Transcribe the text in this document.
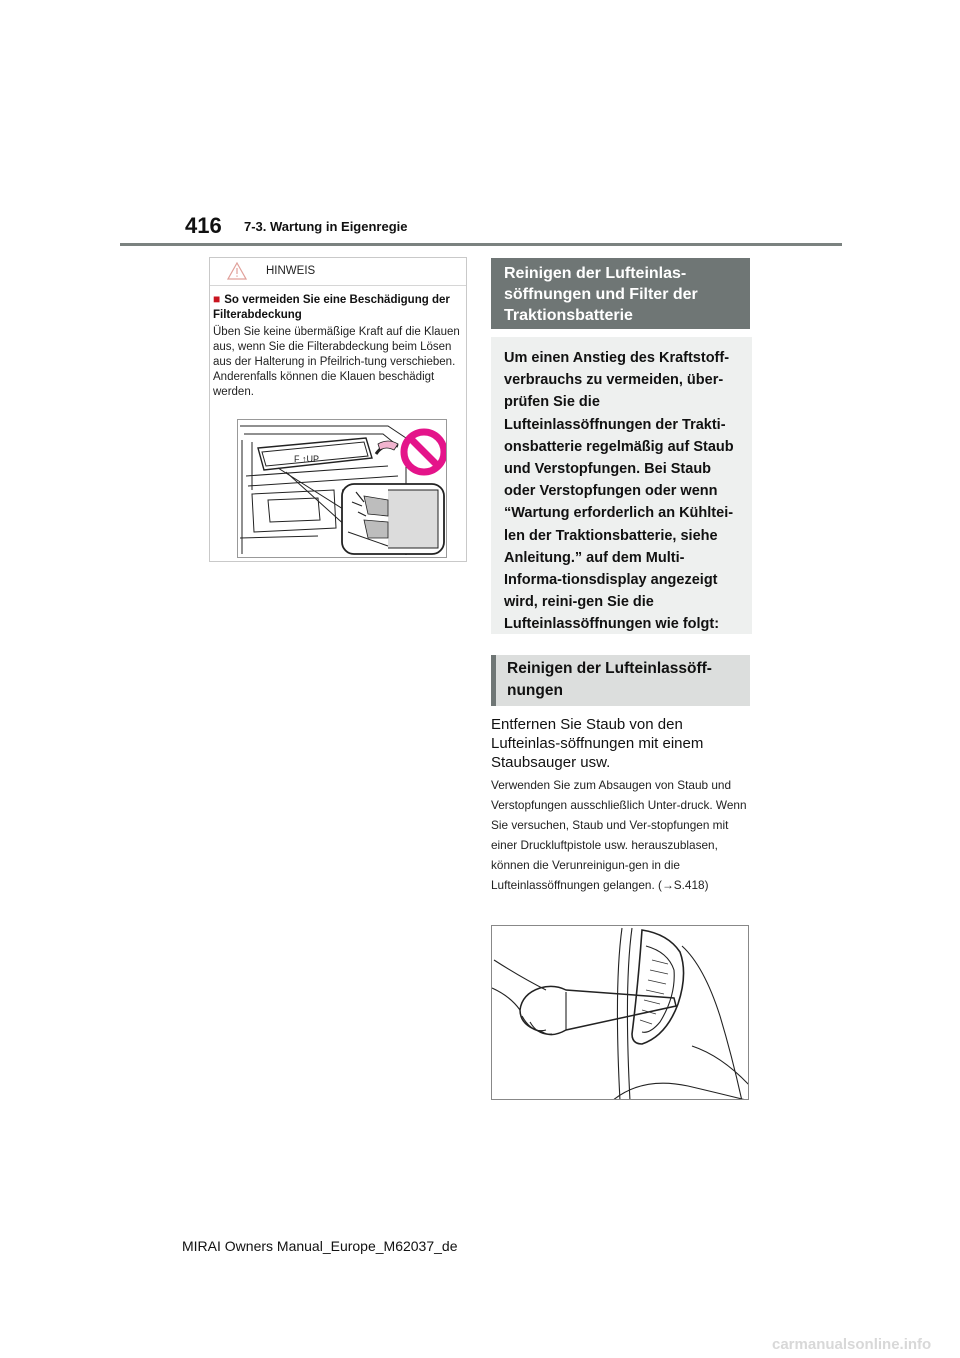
416 7-3. Wartung in Eigenregie
HINWEIS
■ So vermeiden Sie eine Beschädigung der Filterabdeckung
Üben Sie keine übermäßige Kraft auf die Klauen aus, wenn Sie die Filterabdeckung beim Lösen aus der Halterung in Pfeilrich-tung verschieben. Anderenfalls können die Klauen beschädigt werden.
F ↑UP
Reinigen der Lufteinlas-söffnungen und Filter der Traktionsbatterie
Um einen Anstieg des Kraftstoff-verbrauchs zu vermeiden, über-prüfen Sie die Lufteinlassöffnungen der Trakti-onsbatterie regelmäßig auf Staub und Verstopfungen. Bei Staub oder Verstopfungen oder wenn “Wartung erforderlich an Kühltei-len der Traktionsbatterie, siehe Anleitung.” auf dem Multi-Informa-tionsdisplay angezeigt wird, reini-gen Sie die Lufteinlassöffnungen wie folgt:
Reinigen der Lufteinlassöff-nungen
Entfernen Sie Staub von den Lufteinlas-söffnungen mit einem Staubsauger usw.
Verwenden Sie zum Absaugen von Staub und Verstopfungen ausschließlich Unter-druck. Wenn Sie versuchen, Staub und Ver-stopfungen mit einer Druckluftpistole usw. herauszublasen, können die Verunreinigun-gen in die Lufteinlassöffnungen gelangen. (→S.418)
MIRAI Owners Manual_Europe_M62037_de
carmanualsonline.info
